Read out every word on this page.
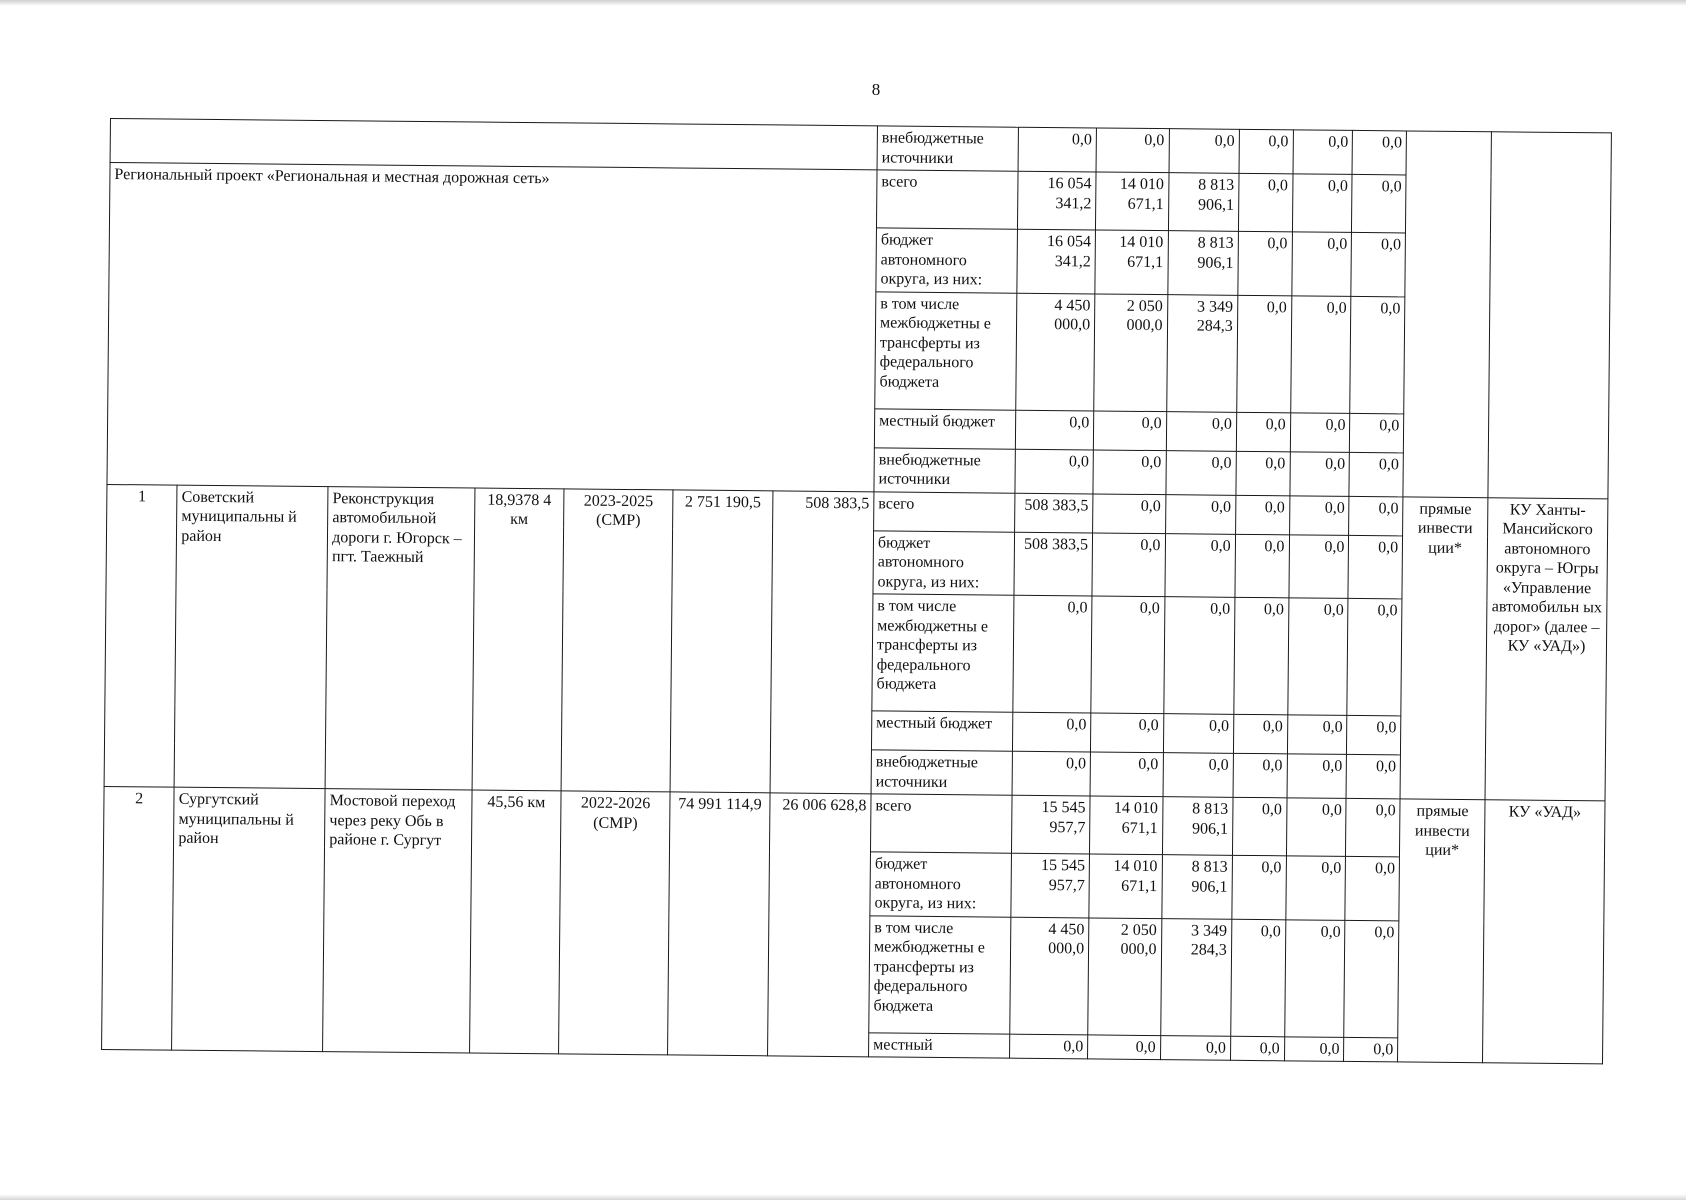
8
							внебюджетные источники	0,0	0,0	0,0	0,0	0,0	0,0		
Региональный проект «Региональная и местная дорожная сеть»							всего	16 054 341,2	14 010 671,1	8 813 906,1	0,0	0,0	0,0		
							бюджет автономного округа, из них:	16 054 341,2	14 010 671,1	8 813 906,1	0,0	0,0	0,0		
							в том числе межбюджетны е трансферты из федерального бюджета	4 450 000,0	2 050 000,0	3 349 284,3	0,0	0,0	0,0		
							местный бюджет	0,0	0,0	0,0	0,0	0,0	0,0		
							внебюджетные источники	0,0	0,0	0,0	0,0	0,0	0,0		
1	Советский муниципальны й район	Реконструкция автомобильной дороги г. Югорск – пгт. Таежный	18,9378 4 км	2023-2025 (СМР)	2 751 190,5	508 383,5	всего	508 383,5	0,0	0,0	0,0	0,0	0,0	прямые инвести ции*	КУ Ханты-Мансийского автономного округа – Югры «Управление автомобильн ых дорог» (далее – КУ «УАД»)
							бюджет автономного округа, из них:	508 383,5	0,0	0,0	0,0	0,0	0,0		
							в том числе межбюджетны е трансферты из федерального бюджета	0,0	0,0	0,0	0,0	0,0	0,0		
							местный бюджет	0,0	0,0	0,0	0,0	0,0	0,0		
							внебюджетные источники	0,0	0,0	0,0	0,0	0,0	0,0		
2	Сургутский муниципальны й район	Мостовой переход через реку Обь в районе г. Сургут	45,56 км	2022-2026 (СМР)	74 991 114,9	26 006 628,8	всего	15 545 957,7	14 010 671,1	8 813 906,1	0,0	0,0	0,0	прямые инвести ции*	КУ «УАД»
							бюджет автономного округа, из них:	15 545 957,7	14 010 671,1	8 813 906,1	0,0	0,0	0,0		
							в том числе межбюджетны е трансферты из федерального бюджета	4 450 000,0	2 050 000,0	3 349 284,3	0,0	0,0	0,0		
							местный	0,0	0,0	0,0	0,0	0,0	0,0		
